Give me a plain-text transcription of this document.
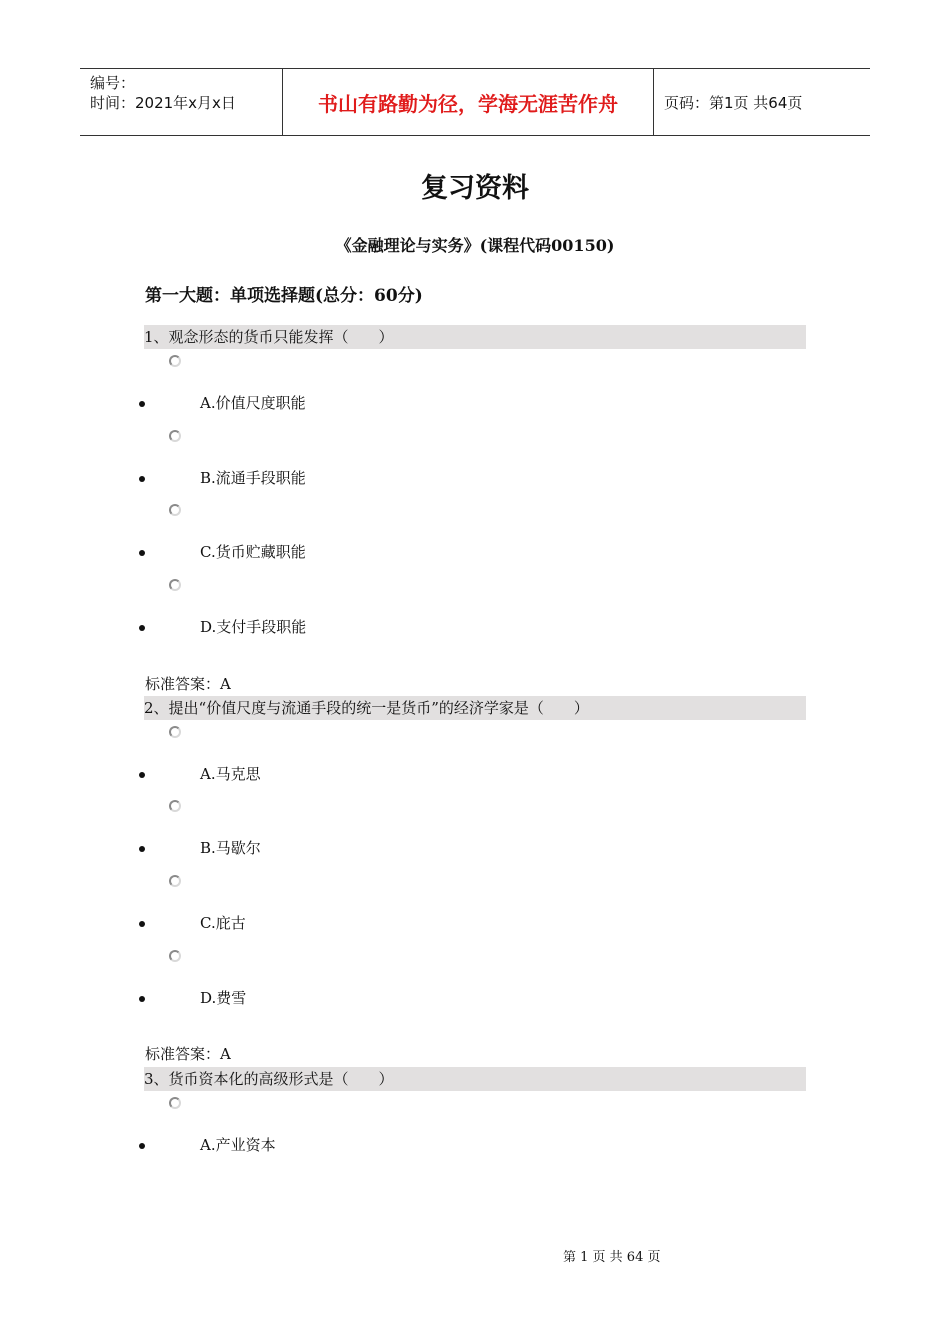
编号：
时间：2021年x月x日	书山有路勤为径，学海无涯苦作舟	页码：第1页 共64页
复习资料
《金融理论与实务》(课程代码00150)
第一大题：单项选择题(总分：60分)
1、观念形态的货币只能发挥（　　）
A.价值尺度职能
B.流通手段职能
C.货币贮藏职能
D.支付手段职能
标准答案：A
2、提出“价值尺度与流通手段的统一是货币”的经济学家是（　　）
A.马克思
B.马歇尔
C.庇古
D.费雪
标准答案：A
3、货币资本化的高级形式是（　　）
A.产业资本
第 1 页 共 64 页
